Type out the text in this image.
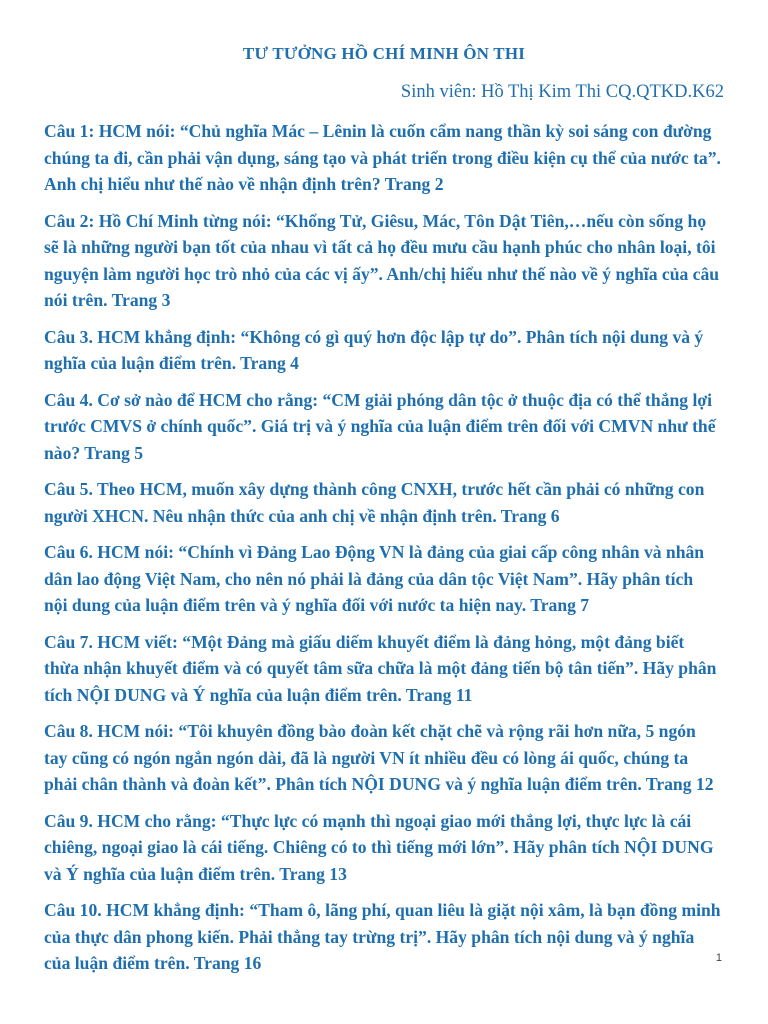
TƯ TƯỞNG HỒ CHÍ MINH ÔN THI
Sinh viên: Hồ Thị Kim Thi CQ.QTKD.K62

Câu 1: HCM nói: “Chủ nghĩa Mác – Lênin là cuốn cẩm nang thần kỳ soi sáng con đường
chúng ta đi, cần phải vận dụng, sáng tạo và phát triển trong điều kiện cụ thể của nước ta”.
Anh chị hiểu như thế nào về nhận định trên? Trang 2

Câu 2: Hồ Chí Minh từng nói: “Khổng Tử, Giêsu, Mác, Tôn Dật Tiên,…nếu còn sống họ
sẽ là những người bạn tốt của nhau vì tất cả họ đều mưu cầu hạnh phúc cho nhân loại, tôi
nguyện làm người học trò nhỏ của các vị ấy”. Anh/chị hiểu như thế nào về ý nghĩa của câu
nói trên. Trang 3

Câu 3. HCM khẳng định: “Không có gì quý hơn độc lập tự do”. Phân tích nội dung và ý
nghĩa của luận điểm trên. Trang 4

Câu 4. Cơ sở nào để HCM cho rằng: “CM giải phóng dân tộc ở thuộc địa có thể thắng lợi
trước CMVS ở chính quốc”. Giá trị và ý nghĩa của luận điểm trên đối với CMVN như thế
nào? Trang 5

Câu 5. Theo HCM, muốn xây dựng thành công CNXH, trước hết cần phải có những con
người XHCN. Nêu nhận thức của anh chị về nhận định trên. Trang 6

Câu 6. HCM nói: “Chính vì Đảng Lao Động VN là đảng của giai cấp công nhân và nhân
dân lao động Việt Nam, cho nên nó phải là đảng của dân tộc Việt Nam”. Hãy phân tích
nội dung của luận điểm trên và ý nghĩa đối với nước ta hiện nay. Trang 7

Câu 7. HCM viết: “Một Đảng mà giấu diếm khuyết điểm là đảng hỏng, một đảng biết
thừa nhận khuyết điểm và có quyết tâm sữa chữa là một đảng tiến bộ tân tiến”. Hãy phân
tích NỘI DUNG và Ý nghĩa của luận điểm trên. Trang 11

Câu 8. HCM nói: “Tôi khuyên đồng bào đoàn kết chặt chẽ và rộng rãi hơn nữa, 5 ngón
tay cũng có ngón ngắn ngón dài, đã là người VN ít nhiều đều có lòng ái quốc, chúng ta
phải chân thành và đoàn kết”. Phân tích NỘI DUNG và ý nghĩa luận điểm trên. Trang 12

Câu 9. HCM cho rằng: “Thực lực có mạnh thì ngoại giao mới thắng lợi, thực lực là cái
chiêng, ngoại giao là cái tiếng. Chiêng có to thì tiếng mới lớn”. Hãy phân tích NỘI DUNG
và Ý nghĩa của luận điểm trên. Trang 13

Câu 10. HCM khẳng định: “Tham ô, lãng phí, quan liêu là giặt nội xâm, là bạn đồng minh
của thực dân phong kiến. Phải thẳng tay trừng trị”. Hãy phân tích nội dung và ý nghĩa
của luận điểm trên. Trang 16	1
